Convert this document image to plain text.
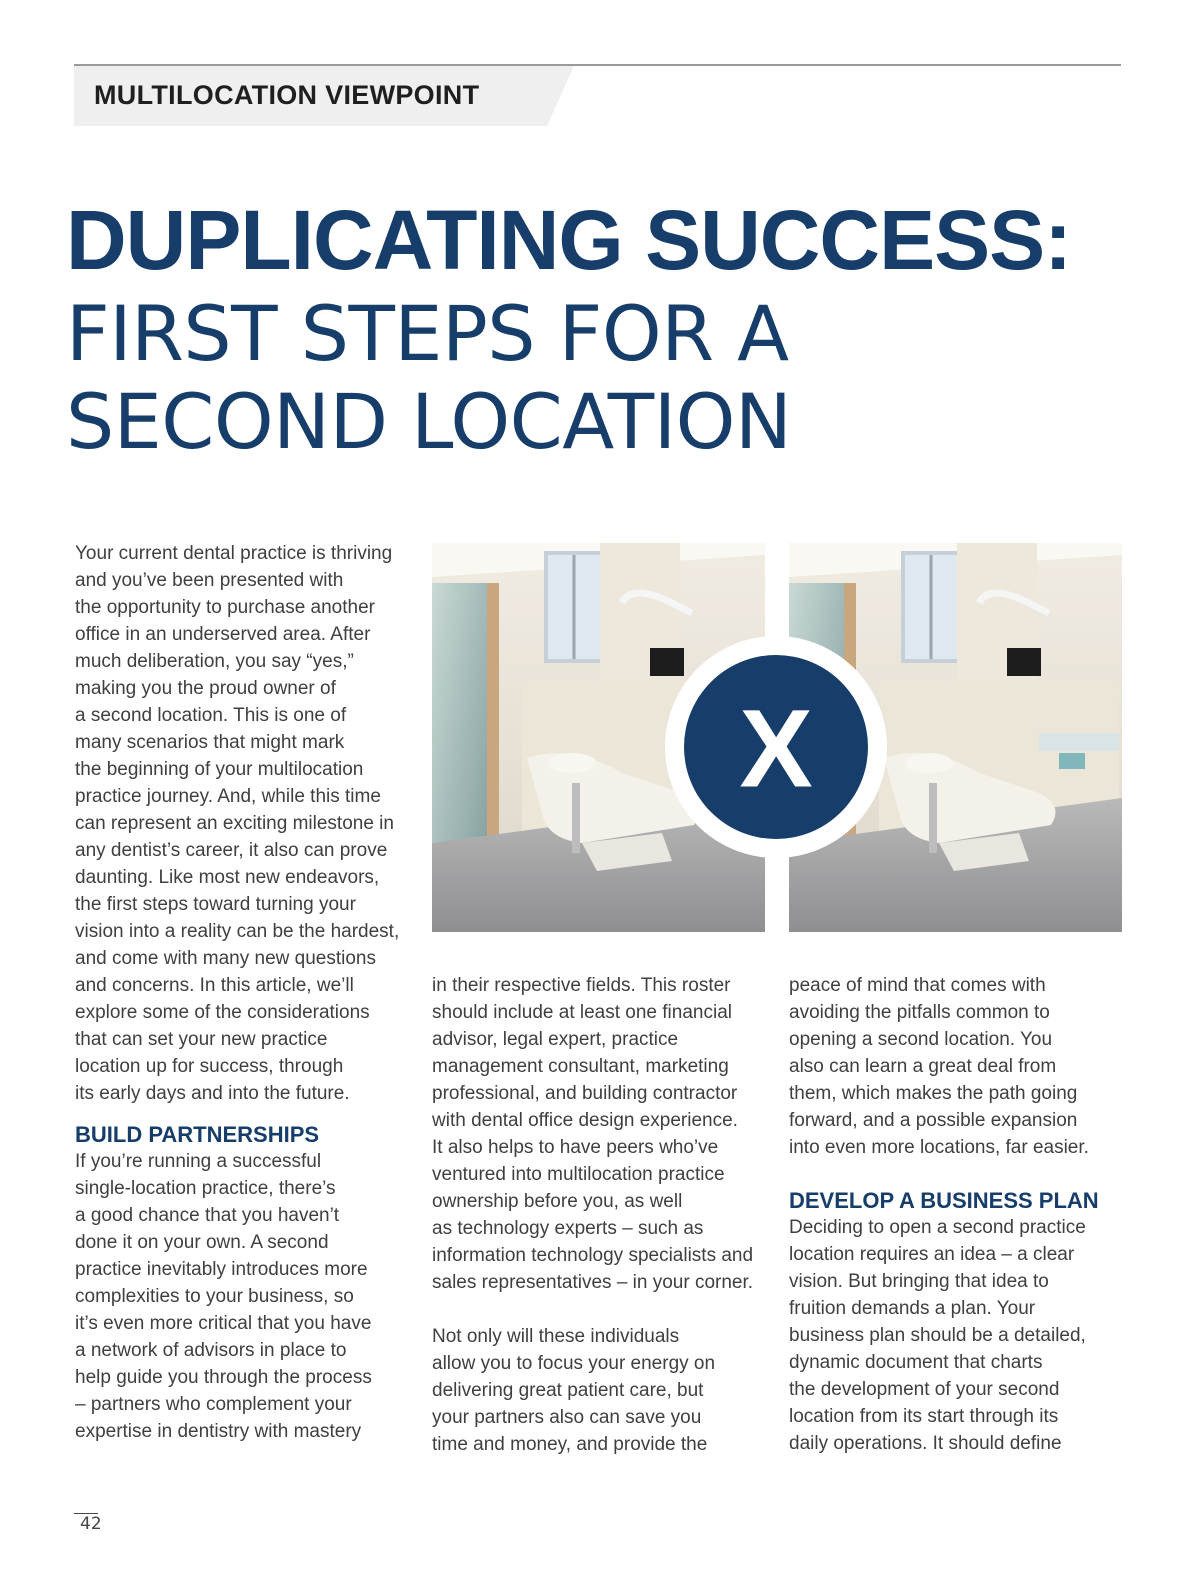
MULTILOCATION VIEWPOINT
DUPLICATING SUCCESS:
FIRST STEPS FOR A
SECOND LOCATION
Your current dental practice is thriving
and you’ve been presented with
the opportunity to purchase another
office in an underserved area. After
much deliberation, you say “yes,”
making you the proud owner of
a second location. This is one of
many scenarios that might mark
the beginning of your multilocation
practice journey. And, while this time
can represent an exciting milestone in
any dentist’s career, it also can prove
daunting. Like most new endeavors,
the first steps toward turning your
vision into a reality can be the hardest,
and come with many new questions
and concerns. In this article, we’ll
explore some of the considerations
that can set your new practice
location up for success, through
its early days and into the future.
BUILD PARTNERSHIPS
If you’re running a successful
single-location practice, there’s
a good chance that you haven’t
done it on your own. A second
practice inevitably introduces more
complexities to your business, so
it’s even more critical that you have
a network of advisors in place to
help guide you through the process
– partners who complement your
expertise in dentistry with mastery
X
in their respective fields. This roster
should include at least one financial
advisor, legal expert, practice
management consultant, marketing
professional, and building contractor
with dental office design experience.
It also helps to have peers who’ve
ventured into multilocation practice
ownership before you, as well
as technology experts – such as
information technology specialists and
sales representatives – in your corner.
Not only will these individuals
allow you to focus your energy on
delivering great patient care, but
your partners also can save you
time and money, and provide the
peace of mind that comes with
avoiding the pitfalls common to
opening a second location. You
also can learn a great deal from
them, which makes the path going
forward, and a possible expansion
into even more locations, far easier.
DEVELOP A BUSINESS PLAN
Deciding to open a second practice
location requires an idea – a clear
vision. But bringing that idea to
fruition demands a plan. Your
business plan should be a detailed,
dynamic document that charts
the development of your second
location from its start through its
daily operations. It should define
42
